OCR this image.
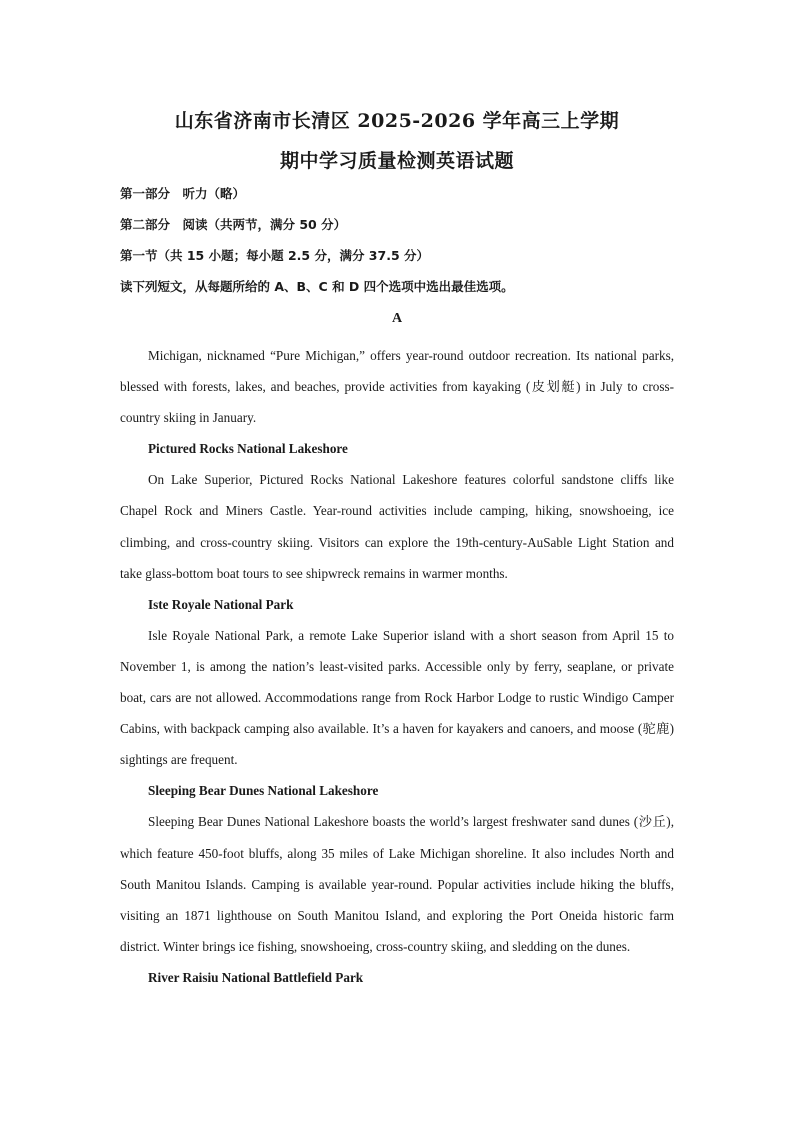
山东省济南市长清区 2025-2026 学年高三上学期
期中学习质量检测英语试题

第一部分　听力（略）

第二部分　阅读（共两节，满分 50 分）

第一节（共 15 小题；每小题 2.5 分，满分 37.5 分）

读下列短文，从每题所给的 A、B、C 和 D 四个选项中选出最佳选项。

A

Michigan, nicknamed “Pure Michigan,” offers year-round outdoor recreation. Its national parks, blessed with forests, lakes, and beaches, provide activities from kayaking (皮划艇) in July to cross-country skiing in January.

Pictured Rocks National Lakeshore

On Lake Superior, Pictured Rocks National Lakeshore features colorful sandstone cliffs like Chapel Rock and Miners Castle. Year-round activities include camping, hiking, snowshoeing, ice climbing, and cross-country skiing. Visitors can explore the 19th-century-AuSable Light Station and take glass-bottom boat tours to see shipwreck remains in warmer months.

Iste Royale National Park

Isle Royale National Park, a remote Lake Superior island with a short season from April 15 to November 1, is among the nation’s least-visited parks. Accessible only by ferry, seaplane, or private boat, cars are not allowed. Accommodations range from Rock Harbor Lodge to rustic Windigo Camper Cabins, with backpack camping also available. It’s a haven for kayakers and canoers, and moose (驼鹿) sightings are frequent.

Sleeping Bear Dunes National Lakeshore

Sleeping Bear Dunes National Lakeshore boasts the world’s largest freshwater sand dunes (沙丘), which feature 450-foot bluffs, along 35 miles of Lake Michigan shoreline. It also includes North and South Manitou Islands. Camping is available year-round. Popular activities include hiking the bluffs, visiting an 1871 lighthouse on South Manitou Island, and exploring the Port Oneida historic farm district. Winter brings ice fishing, snowshoeing, cross-country skiing, and sledding on the dunes.

River Raisiu National Battlefield Park
